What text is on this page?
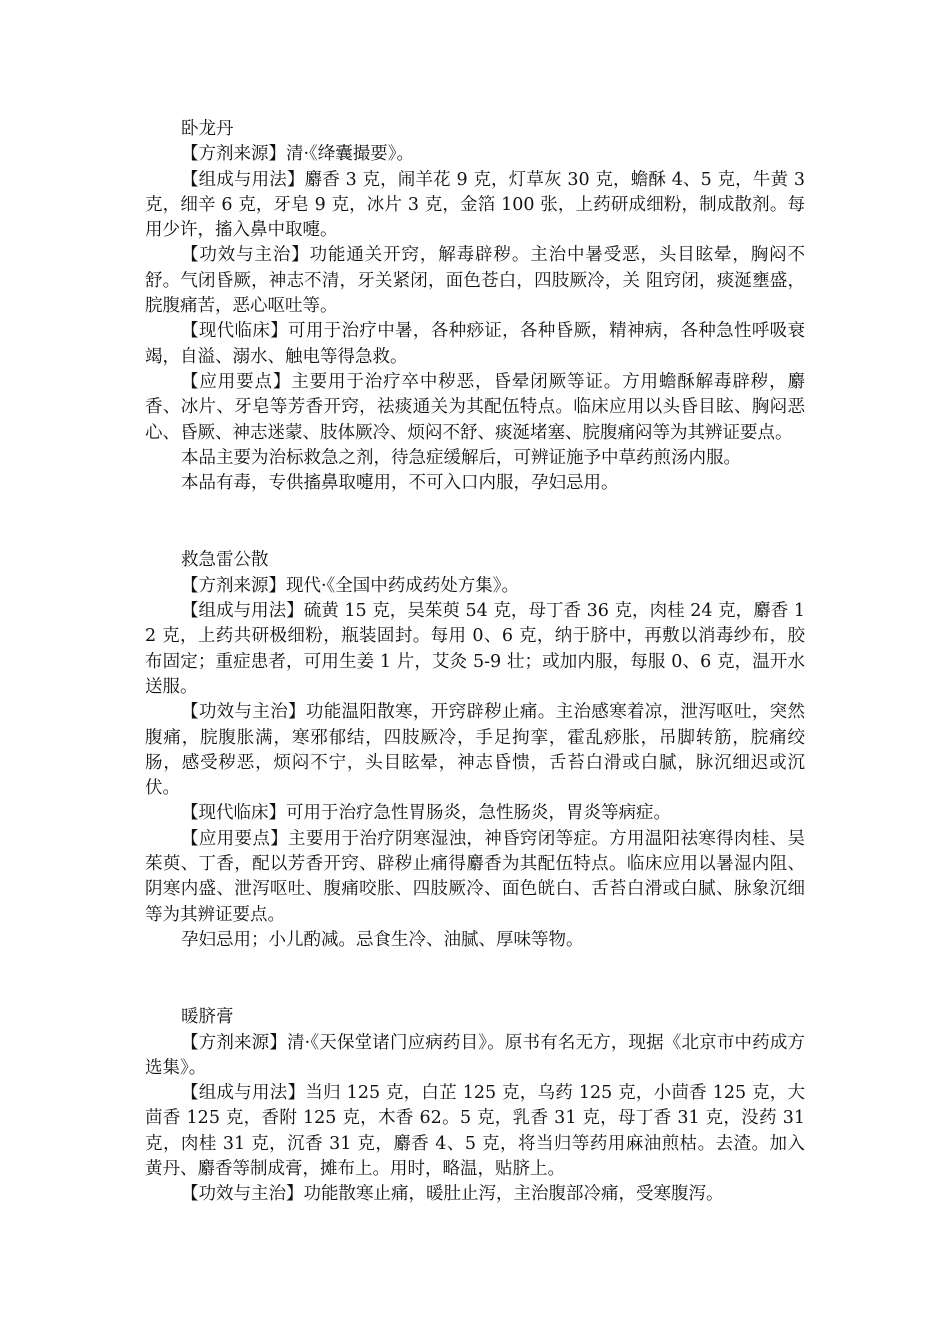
卧龙丹

【方剂来源】清·《绛囊撮要》。

【组成与用法】麝香 3 克，闹羊花 9 克，灯草灰 30 克，蟾酥 4、5 克，牛黄 3 克，细辛 6 克，牙皂 9 克，冰片 3 克，金箔 100 张，上药研成细粉，制成散剂。每用少许，搐入鼻中取嚏。

【功效与主治】功能通关开窍，解毒辟秽。主治中暑受恶，头目眩晕，胸闷不舒。气闭昏厥，神志不清，牙关紧闭，面色苍白，四肢厥冷，关 阻窍闭，痰涎壅盛，脘腹痛苦，恶心呕吐等。

【现代临床】可用于治疗中暑，各种痧证，各种昏厥，精神病，各种急性呼吸衰竭，自溢、溺水、触电等得急救。

【应用要点】主要用于治疗卒中秽恶，昏晕闭厥等证。方用蟾酥解毒辟秽，麝香、冰片、牙皂等芳香开窍，祛痰通关为其配伍特点。临床应用以头昏目眩、胸闷恶心、昏厥、神志迷蒙、肢体厥冷、烦闷不舒、痰涎堵塞、脘腹痛闷等为其辨证要点。

本品主要为治标救急之剂，待急症缓解后，可辨证施予中草药煎汤内服。

本品有毒，专供搐鼻取嚏用，不可入口内服，孕妇忌用。

救急雷公散

【方剂来源】现代·《全国中药成药处方集》。

【组成与用法】硫黄 15 克，吴茱萸 54 克，母丁香 36 克，肉桂 24 克，麝香 12 克，上药共研极细粉，瓶装固封。每用 0、6 克，纳于脐中，再敷以消毒纱布，胶布固定；重症患者，可用生姜 1 片，艾灸 5-9 壮；或加内服，每服 0、6 克，温开水送服。

【功效与主治】功能温阳散寒，开窍辟秽止痛。主治感寒着凉，泄泻呕吐，突然腹痛，脘腹胀满，寒邪郁结，四肢厥冷，手足拘挛，霍乱痧胀，吊脚转筋，脘痛绞肠，感受秽恶，烦闷不宁，头目眩晕，神志昏愦，舌苔白滑或白腻，脉沉细迟或沉伏。

【现代临床】可用于治疗急性胃肠炎，急性肠炎，胃炎等病症。

【应用要点】主要用于治疗阴寒湿浊，神昏窍闭等症。方用温阳祛寒得肉桂、吴茱萸、丁香，配以芳香开窍、辟秽止痛得麝香为其配伍特点。临床应用以暑湿内阻、阴寒内盛、泄泻呕吐、腹痛咬胀、四肢厥冷、面色㿠白、舌苔白滑或白腻、脉象沉细等为其辨证要点。

孕妇忌用；小儿酌减。忌食生冷、油腻、厚味等物。

暖脐膏

【方剂来源】清·《天保堂诸门应病药目》。原书有名无方，现据《北京市中药成方选集》。

【组成与用法】当归 125 克，白芷 125 克，乌药 125 克，小茴香 125 克，大茴香 125 克，香附 125 克，木香 62。5 克，乳香 31 克，母丁香 31 克，没药 31 克，肉桂 31 克，沉香 31 克，麝香 4、5 克，将当归等药用麻油煎枯。去渣。加入黄丹、麝香等制成膏，摊布上。用时，略温，贴脐上。

【功效与主治】功能散寒止痛，暖肚止泻，主治腹部冷痛，受寒腹泻。
